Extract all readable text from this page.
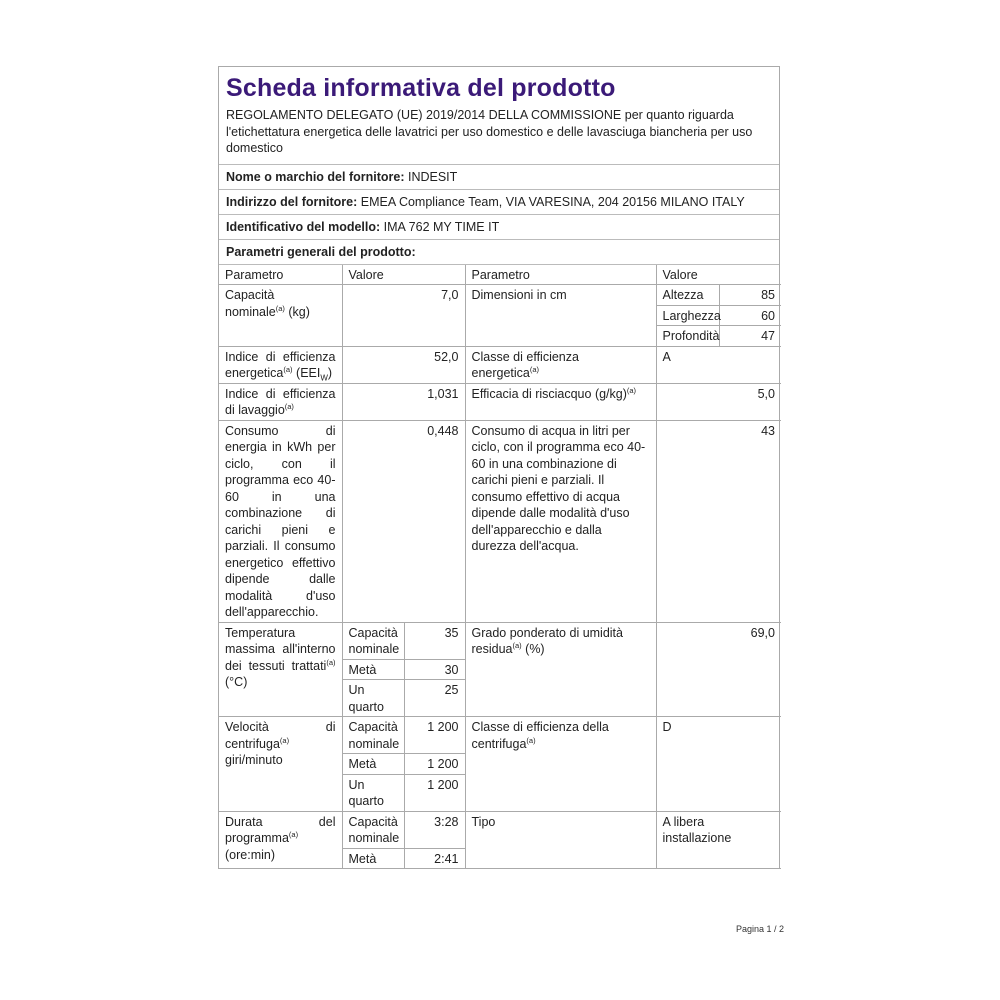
Scheda informativa del prodotto
REGOLAMENTO DELEGATO (UE) 2019/2014 DELLA COMMISSIONE per quanto riguarda l'etichettatura energetica delle lavatrici per uso domestico e delle lavasciuga biancheria per uso domestico
Nome o marchio del fornitore: INDESIT
Indirizzo del fornitore: EMEA Compliance Team, VIA VARESINA, 204 20156 MILANO ITALY
Identificativo del modello: IMA 762 MY TIME IT
Parametri generali del prodotto:
Parametro	Valore		Parametro	Valore	
Capacità nominale$^{(a)}$ (kg)	7,0		Dimensioni in cm	Altezza	85
				Larghezza	60
				Profondità	47
Indice di efficienza energetica$^{(a)}$ $(EEI_W)$	52,0		Classe di efficienza energetica$^{(a)}$	A	
Indice di efficienza di lavaggio$^{(a)}$	1,031		Efficacia di risciacquo $(g/kg)^{(a)}$	5,0	
Consumo di energia in kWh per ciclo, con il programma eco 40-60 in una combinazione di carichi pieni e parziali. Il consumo energetico effettivo dipende dalle modalità d'uso dell'apparecchio.	0,448		Consumo di acqua in litri per ciclo, con il programma eco 40-60 in una combinazione di carichi pieni e parziali. Il consumo effettivo di acqua dipende dalle modalità d'uso dell'apparecchio e dalla durezza dell'acqua.	43	
Temperatura massima all'interno dei tessuti trattati$^{(a)}$ (°C)	Capacità nominale	35	Grado ponderato di umidità residua$^{(a)}$ (%)	69,0	
	Metà	30			
	Un quarto	25			
Velocità di centrifuga$^{(a)}$ giri/minuto	Capacità nominale	1 200	Classe di efficienza della centrifuga$^{(a)}$	D	
	Metà	1 200			
	Un quarto	1 200			
Durata del programma$^{(a)}$ (ore:min)	Capacità nominale	3:28	Tipo	A libera installazione	
	Metà	2:41			
Pagina 1 / 2
